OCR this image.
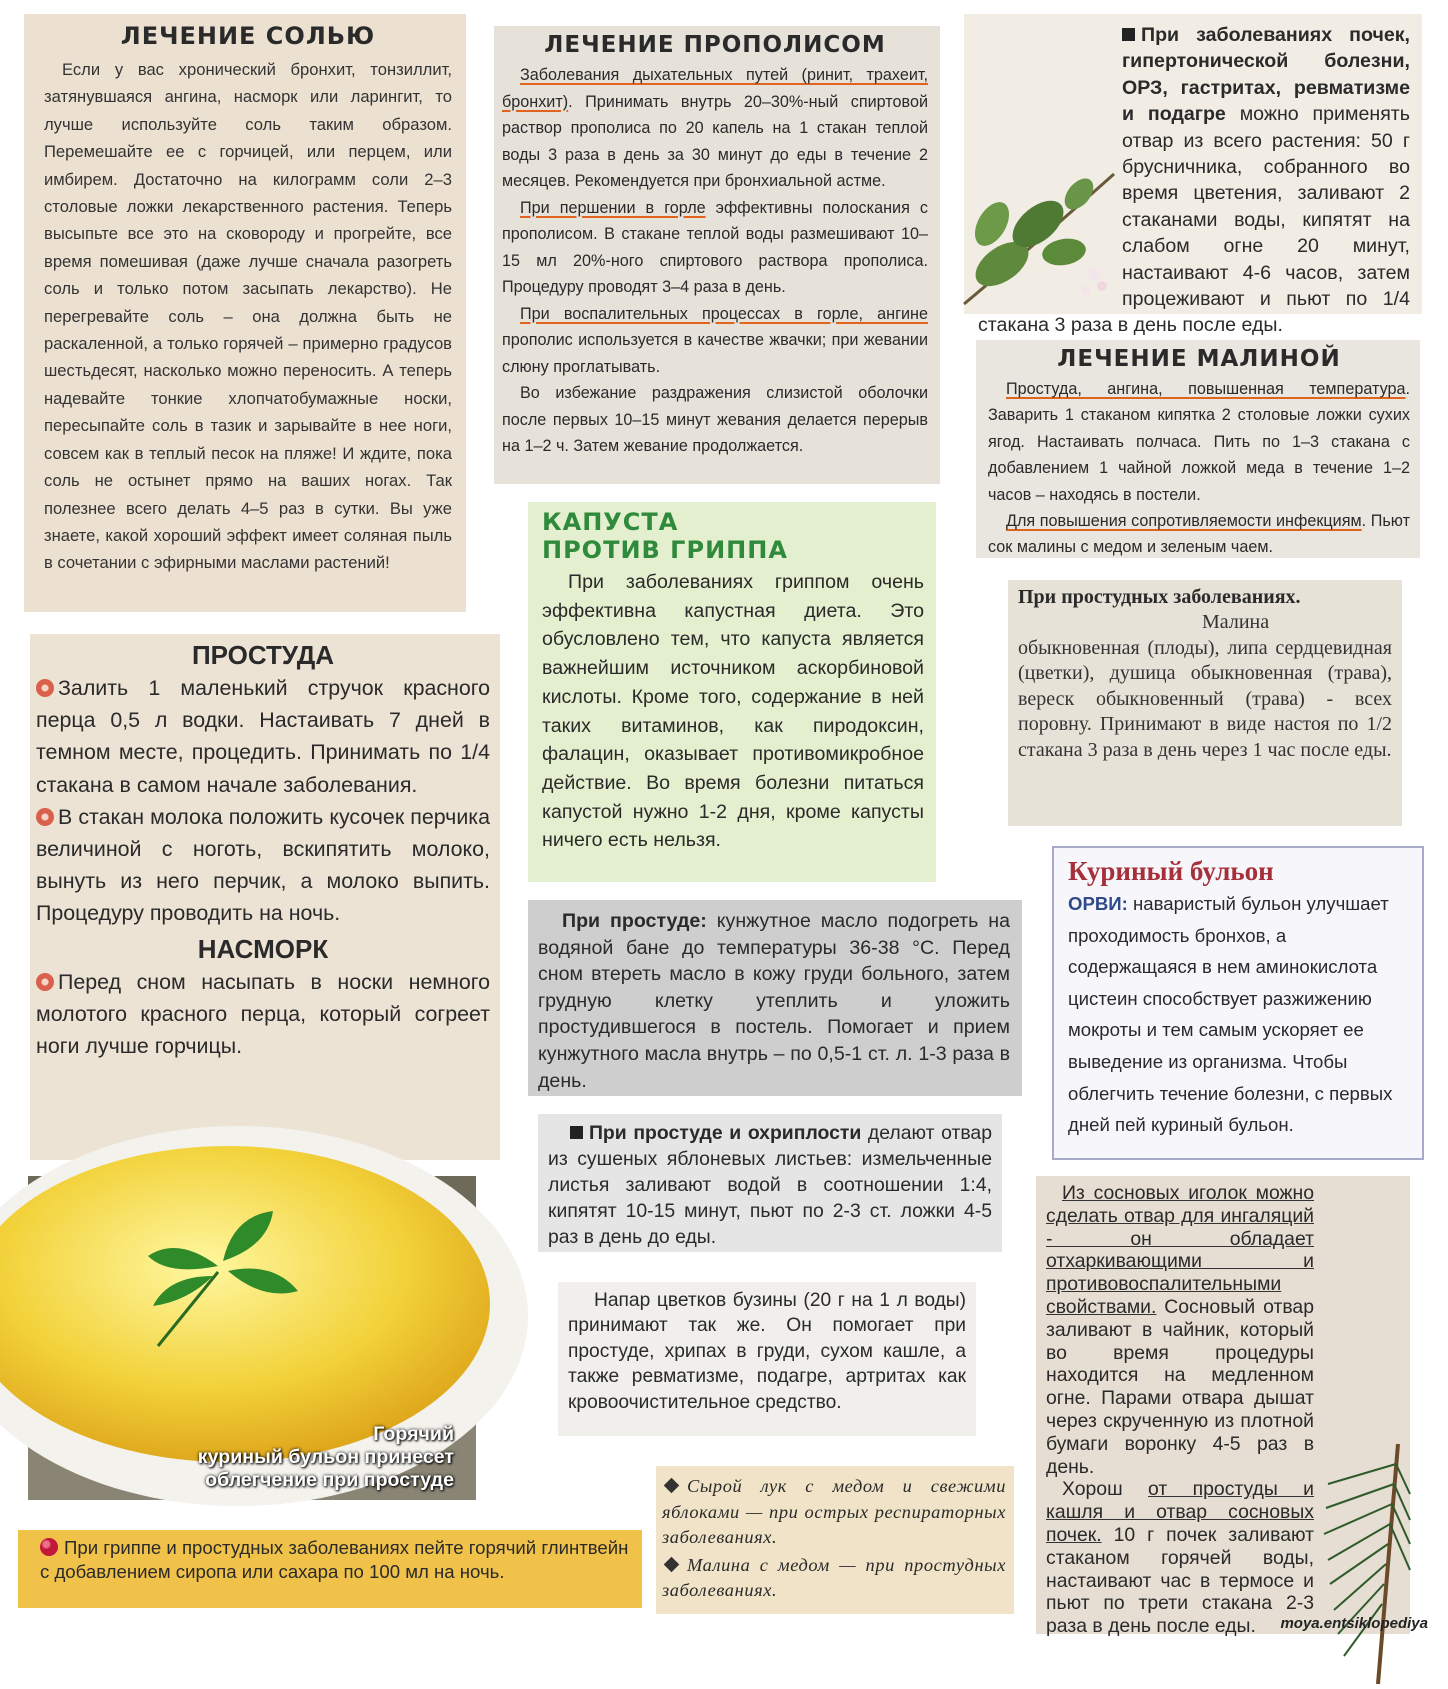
ЛЕЧЕНИЕ СОЛЬЮ

Если у вас хронический бронхит, тонзиллит, затянувшаяся ангина, насморк или ларингит, то лучше используйте соль таким образом. Перемешайте ее с горчицей, или перцем, или имбирем. Достаточно на килограмм соли 2–3 столовые ложки лекарственного растения. Теперь высыпьте все это на сковороду и прогрейте, все время помешивая (даже лучше сначала разогреть соль и только потом засыпать лекарство). Не перегревайте соль – она должна быть не раскаленной, а только горячей – примерно градусов шестьдесят, насколько можно переносить. А теперь надевайте тонкие хлопчатобумажные носки, пересыпайте соль в тазик и зарывайте в нее ноги, совсем как в теплый песок на пляже! И ждите, пока соль не остынет прямо на ваших ногах. Так полезнее всего делать 4–5 раз в сутки. Вы уже знаете, какой хороший эффект имеет соляная пыль в сочетании с эфирными маслами растений!

ЛЕЧЕНИЕ ПРОПОЛИСОМ

Заболевания дыхательных путей (ринит, трахеит, бронхит). Принимать внутрь 20–30%-ный спиртовой раствор прополиса по 20 капель на 1 стакан теплой воды 3 раза в день за 30 минут до еды в течение 2 месяцев. Рекомендуется при бронхиальной астме.

При першении в горле эффективны полоскания с прополисом. В стакане теплой воды размешивают 10–15 мл 20%-ного спиртового раствора прополиса. Процедуру проводят 3–4 раза в день.

При воспалительных процессах в горле, ангине прополис используется в качестве жвачки; при жевании слюну проглатывать.

Во избежание раздражения слизистой оболочки после первых 10–15 минут жевания делается перерыв на 1–2 ч. Затем жевание продолжается.

При заболеваниях почек, гипертонической болезни, ОРЗ, гастритах, ревматизме и подагре можно применять отвар из всего растения: 50 г брусничника, собранного во время цветения, заливают 2 стаканами воды, кипятят на слабом огне 20 минут, настаивают 4-6 часов, затем процеживают и пьют по 1/4 стакана 3 раза в день после еды.

ЛЕЧЕНИЕ МАЛИНОЙ

Простуда, ангина, повышенная температура. Заварить 1 стаканом кипятка 2 столовые ложки сухих ягод. Настаивать полчаса. Пить по 1–3 стакана с добавлением 1 чайной ложкой меда в течение 1–2 часов – находясь в постели.

Для повышения сопротивляемости инфекциям. Пьют сок малины с медом и зеленым чаем.

КАПУСТА
ПРОТИВ ГРИППА

При заболеваниях гриппом очень эффективна капустная диета. Это обусловлено тем, что капуста является важнейшим источником аскорбиновой кислоты. Кроме того, содержание в ней таких витаминов, как пиродоксин, фалацин, оказывает противомикробное действие. Во время болезни питаться капустой нужно 1-2 дня, кроме капусты ничего есть нельзя.

При простудных заболеваниях.

Малина обыкновенная (плоды), липа сердцевидная (цветки), душица обыкновенная (трава), вереск обыкновенный (трава) - всех поровну. Принимают в виде настоя по 1/2 стакана 3 раза в день через 1 час после еды.

ПРОСТУДА

Залить 1 маленький стручок красного перца 0,5 л водки. Настаивать 7 дней в темном месте, процедить. Принимать по 1/4 стакана в самом начале заболевания.

В стакан молока положить кусочек перчика величиной с ноготь, вскипятить молоко, вынуть из него перчик, а молоко выпить. Процедуру проводить на ночь.

НАСМОРК

Перед сном насыпать в носки немного молотого красного перца, который согреет ноги лучше горчицы.

При простуде: кунжутное масло подогреть на водяной бане до температуры 36-38 °С. Перед сном втереть масло в кожу груди больного, затем грудную клетку утеплить и уложить простудившегося в постель. Помогает и прием кунжутного масла внутрь – по 0,5-1 ст. л. 1-3 раза в день.

Куриный бульон

ОРВИ: наваристый бульон улучшает проходимость бронхов, а содержащаяся в нем аминокислота цистеин способствует разжижению мокроты и тем самым ускоряет ее выведение из организма. Чтобы облегчить течение болезни, с первых дней пей куриный бульон.

При простуде и охриплости делают отвар из сушеных яблоневых листьев: измельченные листья заливают водой в соотношении 1:4, кипятят 10-15 минут, пьют по 2-3 ст. ложки 4-5 раз в день до еды.

Напар цветков бузины (20 г на 1 л воды) принимают так же. Он помогает при простуде, хрипах в груди, сухом кашле, а также ревматизме, подагре, артритах как кровоочистительное средство.

Из сосновых иголок можно сделать отвар для ингаляций - он обладает отхаркивающими и противовоспалительными свойствами. Сосновый отвар заливают в чайник, который во время процедуры находится на медленном огне. Парами отвара дышат через скрученную из плотной бумаги воронку 4-5 раз в день.

Хорош от простуды и кашля и отвар сосновых почек. 10 г почек заливают стаканом горячей воды, настаивают час в термосе и пьют по трети стакана 2-3 раза в день после еды.

Горячий
куриный бульон принесет
облегчение при простуде

При гриппе и простудных заболеваниях пейте горячий глинтвейн с добавлением сиропа или сахара по 100 мл на ночь.

Сырой лук с медом и свежими яблоками — при острых респираторных заболеваниях.

Малина с медом — при простудных заболеваниях.

moya.entsiklopediya
